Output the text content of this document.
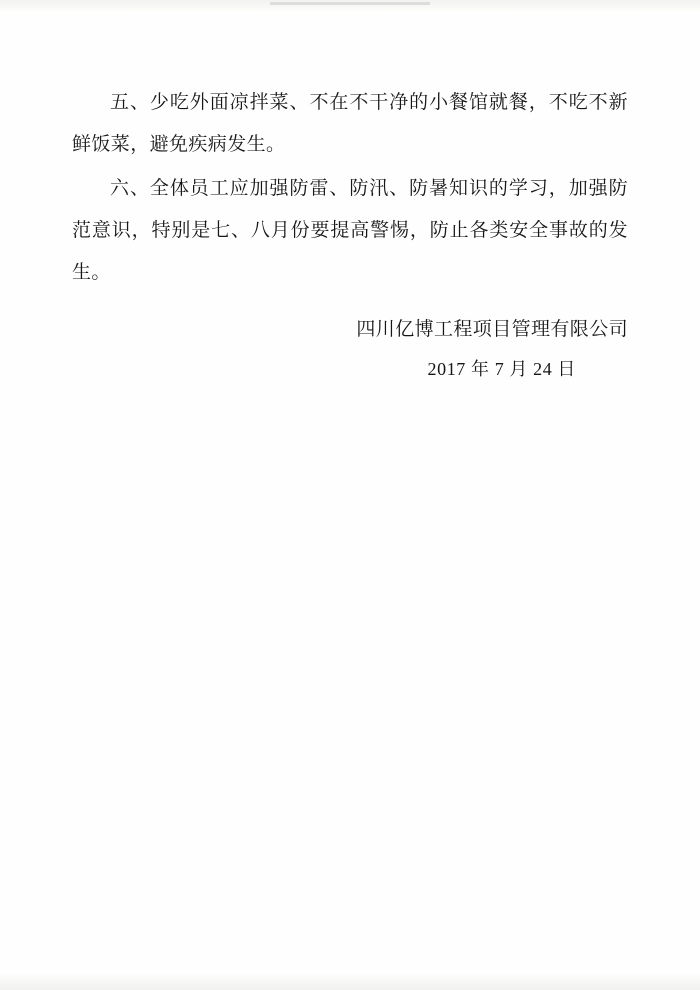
五、少吃外面凉拌菜、不在不干净的小餐馆就餐，不吃不新鲜饭菜，避免疾病发生。

六、全体员工应加强防雷、防汛、防暑知识的学习，加强防范意识，特别是七、八月份要提高警惕，防止各类安全事故的发生。

四川亿博工程项目管理有限公司
2017 年 7 月 24 日
